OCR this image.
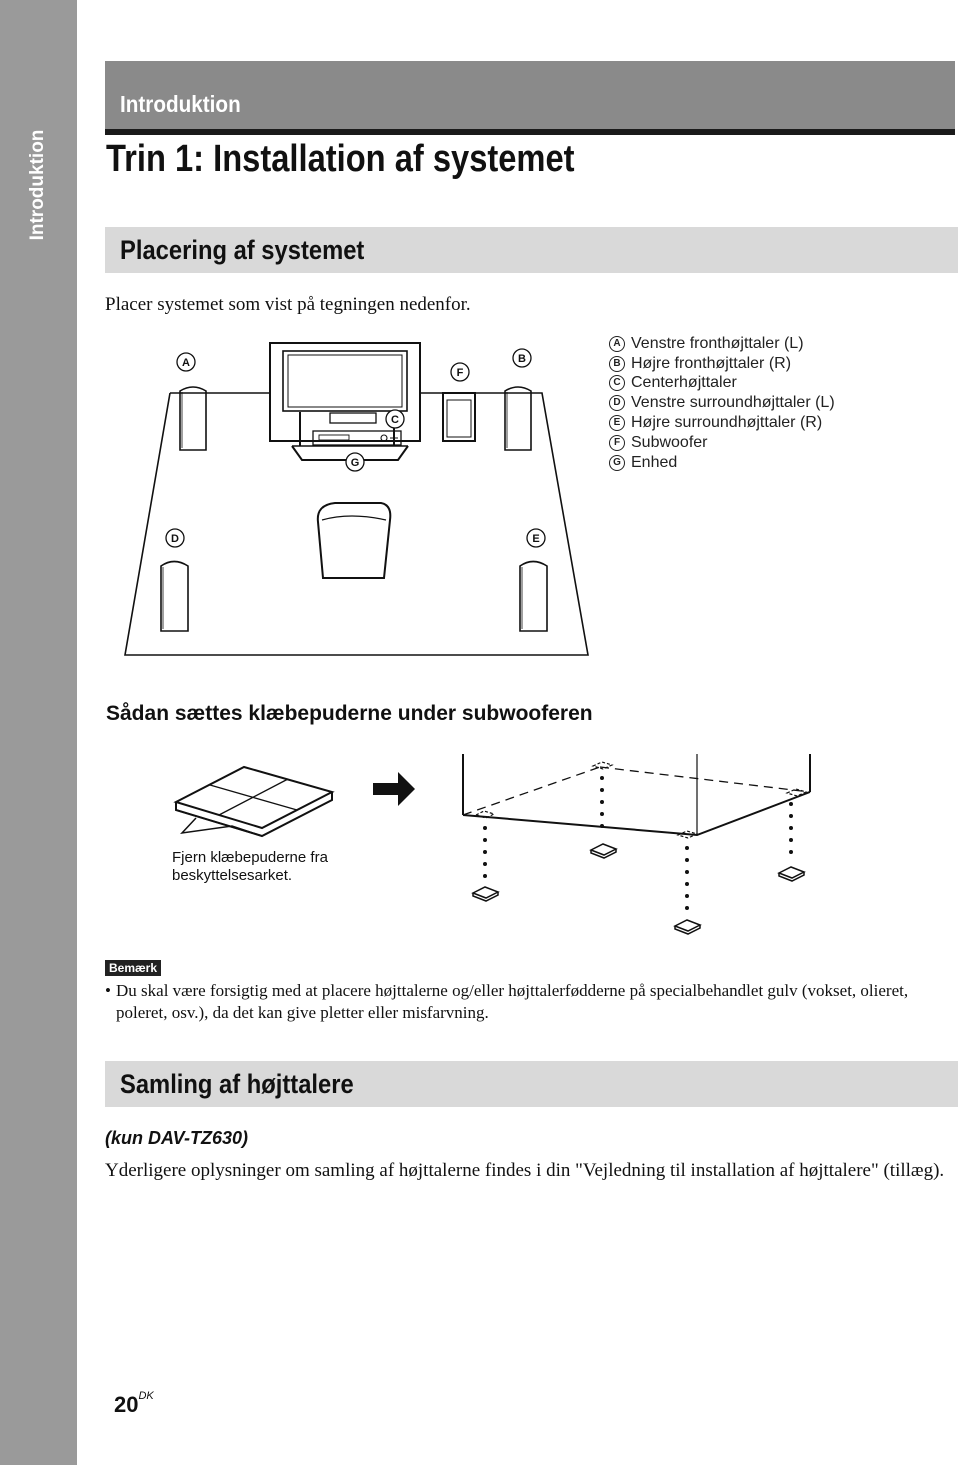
Introduktion
Introduktion
Trin 1: Installation af systemet
Placering af systemet
Placer systemet som vist på tegningen nedenfor.
A	B
C
D	E
F
G
A Venstre fronthøjttaler (L)
B Højre fronthøjttaler (R)
C Centerhøjttaler
D Venstre surroundhøjttaler (L)
E Højre surroundhøjttaler (R)
F Subwoofer
G Enhed
Sådan sættes klæbepuderne under subwooferen
Fjern klæbepuderne fra
beskyttelsesarket.
Bemærk
• Du skal være forsigtig med at placere højttalerne og/eller højttalerfødderne på specialbehandlet gulv (vokset, olieret, poleret, osv.), da det kan give pletter eller misfarvning.
Samling af højttalere
(kun DAV-TZ630)
Yderligere oplysninger om samling af højttalerne findes i din "Vejledning til installation af højttalere" (tillæg).
$20^{DK}$
